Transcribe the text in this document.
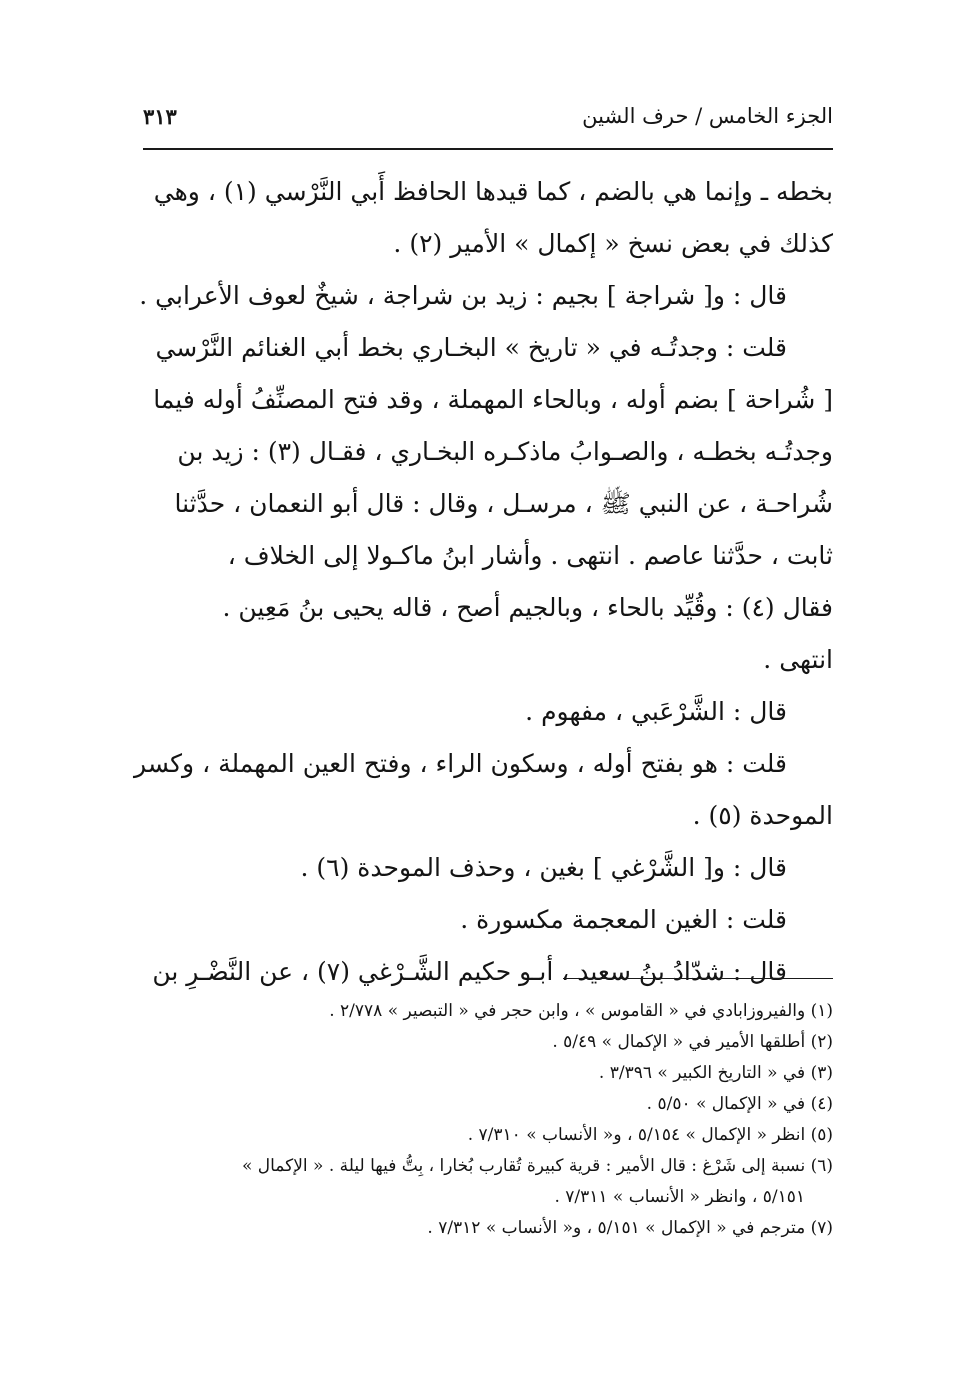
الجزء الخامس / حرف الشين
٣١٣
بخطه ـ وإنما هي بالضم ، كما قيدها الحافظ أَبي النَّرْسي (١) ، وهي
كذلك في بعض نسخ « إكمال » الأمير (٢) .
قال : و[ شراجة ] بجيم : زيد بن شراجة ، شيخٌ لعوف الأعرابي .
قلت : وجدتُـه في « تاريخ » البخـاري بخط أبي الغنائم النَّرْسي
[ شُراحة ] بضم أوله ، وبالحاء المهملة ، وقد فتح المصنِّفُ أوله فيما
وجدتُـه بخطـه ، والصـوابُ ماذكـره البخـاري ، فقـال (٣) : زيد بن
شُراحـة ، عن النبي ﷺ ، مرسـل ، وقال : قال أبو النعمان ، حدَّثنا
ثابت ، حدَّثنا عاصم . انتهى . وأشار ابنُ ماكـولا إلى الخلاف ،
فقال (٤) : وقُيِّد بالحاء ، وبالجيم أصح ، قاله يحيى بنُ مَعِين .
انتهى .
قال : الشَّرْعَبي ، مفهوم .
قلت : هو بفتح أوله ، وسكون الراء ، وفتح العين المهملة ، وكسر
الموحدة (٥) .
قال : و[ الشَّرْغي ] بغين ، وحذف الموحدة (٦) .
قلت : الغين المعجمة مكسورة .
قال : شدّادُ بنُ سعيد ، أبـو حكيم الشَّـرْغي (٧) ، عن النَّضْـرِ بن
(١) والفيروزابادي في « القاموس » ، وابن حجر في « التبصير » ٢/٧٧٨ .
(٢) أطلقها الأمير في « الإكمال » ٥/٤٩ .
(٣) في « التاريخ الكبير » ٣/٣٩٦ .
(٤) في « الإكمال » ٥/٥٠ .
(٥) انظر « الإكمال » ٥/١٥٤ ، و« الأنساب » ٧/٣١٠ .
(٦) نسبة إلى شَرْغ : قال الأمير : قرية كبيرة تُقارب بُخارا ، بِتُّ فيها ليلة . « الإكمال »
٥/١٥١ ، وانظر « الأنساب » ٧/٣١١ .
(٧) مترجم في « الإكمال » ٥/١٥١ ، و« الأنساب » ٧/٣١٢ .
